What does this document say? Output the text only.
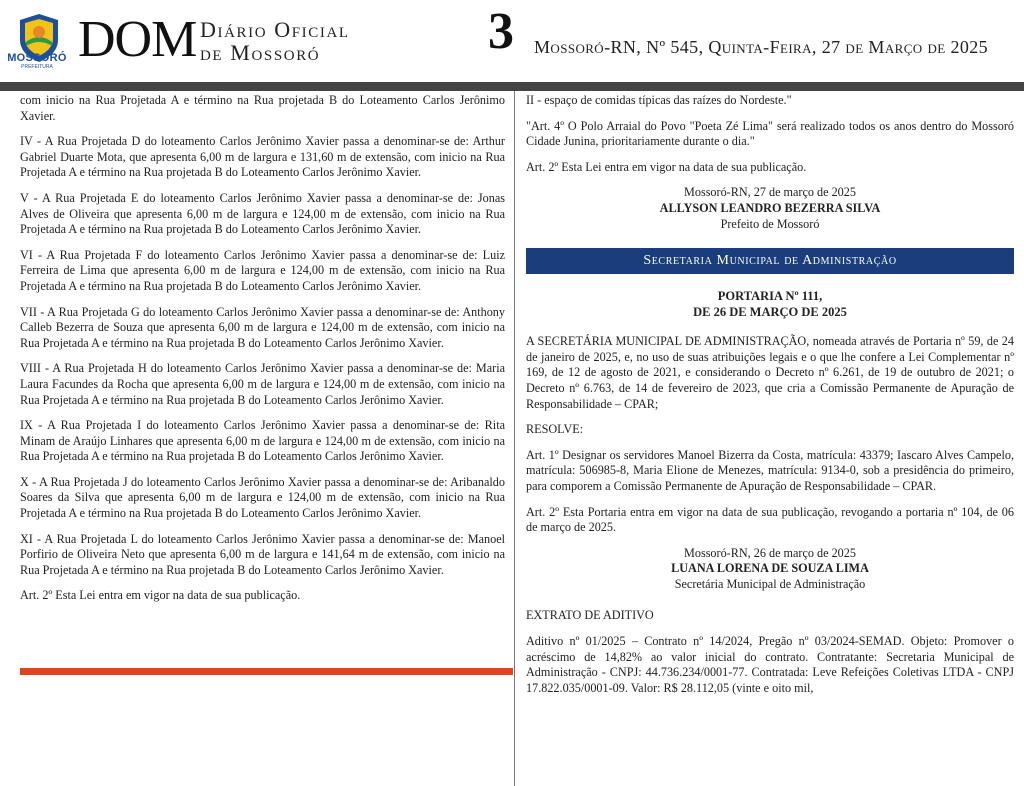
MOSSORÓ
PREFEITURA DOM Diário Oficial
de Mossoró	3 Mossoró-RN, Nº 545, Quinta-Feira, 27 de Março de 2025

com inicio na Rua Projetada A e término na Rua projetada B do Loteamento Carlos Jerônimo Xavier.

IV - A Rua Projetada D do loteamento Carlos Jerônimo Xavier passa a denominar-se de: Arthur Gabriel Duarte Mota, que apresenta 6,00 m de largura e 131,60 m de extensão, com inicio na Rua Projetada A e término na Rua projetada B do Loteamento Carlos Jerônimo Xavier.

V - A Rua Projetada E do loteamento Carlos Jerônimo Xavier passa a denominar-se de: Jonas Alves de Oliveira que apresenta 6,00 m de largura e 124,00 m de extensão, com inicio na Rua Projetada A e término na Rua projetada B do Loteamento Carlos Jerônimo Xavier.

VI - A Rua Projetada F do loteamento Carlos Jerônimo Xavier passa a denominar-se de: Luiz Ferreira de Lima que apresenta 6,00 m de largura e 124,00 m de extensão, com inicio na Rua Projetada A e término na Rua projetada B do Loteamento Carlos Jerônimo Xavier.

VII - A Rua Projetada G do loteamento Carlos Jerônimo Xavier passa a denominar-se de: Anthony Calleb Bezerra de Souza que apresenta 6,00 m de largura e 124,00 m de extensão, com inicio na Rua Projetada A e término na Rua projetada B do Loteamento Carlos Jerônimo Xavier.

VIII - A Rua Projetada H do loteamento Carlos Jerônimo Xavier passa a denominar-se de: Maria Laura Facundes da Rocha que apresenta 6,00 m de largura e 124,00 m de extensão, com inicio na Rua Projetada A e término na Rua projetada B do Loteamento Carlos Jerônimo Xavier.

IX - A Rua Projetada I do loteamento Carlos Jerônimo Xavier passa a denominar-se de: Rita Minam de Araújo Linhares que apresenta 6,00 m de largura e 124,00 m de extensão, com inicio na Rua Projetada A e término na Rua projetada B do Loteamento Carlos Jerônimo Xavier.

X - A Rua Projetada J do loteamento Carlos Jerônimo Xavier passa a denominar-se de: Aribanaldo Soares da Silva que apresenta 6,00 m de largura e 124,00 m de extensão, com inicio na Rua Projetada A e término na Rua projetada B do Loteamento Carlos Jerônimo Xavier.

XI - A Rua Projetada L do loteamento Carlos Jerônimo Xavier passa a denominar-se de: Manoel Porfirio de Oliveira Neto que apresenta 6,00 m de largura e 141,64 m de extensão, com inicio na Rua Projetada A e término na Rua projetada B do Loteamento Carlos Jerônimo Xavier.

Art. 2º Esta Lei entra em vigor na data de sua publicação.

II - espaço de comidas típicas das raízes do Nordeste."

"Art. 4º O Polo Arraial do Povo "Poeta Zé Lima" será realizado todos os anos dentro do Mossoró Cidade Junina, prioritariamente durante o dia."

Art. 2º Esta Lei entra em vigor na data de sua publicação.

Mossoró-RN, 27 de março de 2025

ALLYSON LEANDRO BEZERRA SILVA

Prefeito de Mossoró

Secretaria Municipal de Administração
PORTARIA Nº 111,
DE 26 DE MARÇO DE 2025

A SECRETÁRIA MUNICIPAL DE ADMINISTRAÇÃO, nomeada através de Portaria nº 59, de 24 de janeiro de 2025, e, no uso de suas atribuições legais e o que lhe confere a Lei Complementar nº 169, de 12 de agosto de 2021, e considerando o Decreto nº 6.261, de 19 de outubro de 2021; o Decreto nº 6.763, de 14 de fevereiro de 2023, que cria a Comissão Permanente de Apuração de Responsabilidade – CPAR;

RESOLVE:

Art. 1º Designar os servidores Manoel Bizerra da Costa, matrícula: 43379; Iascaro Alves Campelo, matrícula: 506985-8, Maria Elione de Menezes, matrícula: 9134-0, sob a presidência do primeiro, para comporem a Comissão Permanente de Apuração de Responsabilidade – CPAR.

Art. 2º Esta Portaria entra em vigor na data de sua publicação, revogando a portaria nº 104, de 06 de março de 2025.

Mossoró-RN, 26 de março de 2025

LUANA LORENA DE SOUZA LIMA

Secretária Municipal de Administração

EXTRATO DE ADITIVO

Aditivo nº 01/2025 – Contrato nº 14/2024, Pregão nº 03/2024-SEMAD. Objeto: Promover o acréscimo de 14,82% ao valor inicial do contrato. Contratante: Secretaria Municipal de Administração - CNPJ: 44.736.234/0001-77. Contratada: Leve Refeições Coletivas LTDA - CNPJ 17.822.035/0001-09. Valor: R$ 28.112,05 (vinte e oito mil,
